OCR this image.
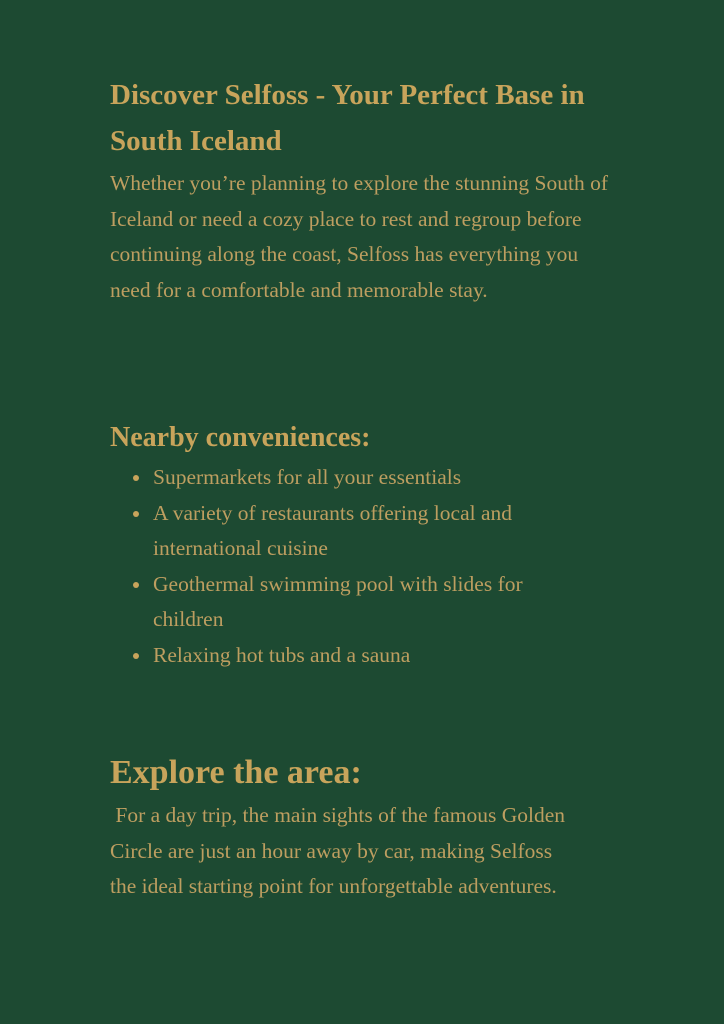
Discover Selfoss - Your Perfect Base in South Iceland

Whether you’re planning to explore the stunning South of Iceland or need a cozy place to rest and regroup before continuing along the coast, Selfoss has everything you need for a comfortable and memorable stay.

Nearby conveniences:
Supermarkets for all your essentials
A variety of restaurants offering local and international cuisine
Geothermal swimming pool with slides for children
Relaxing hot tubs and a sauna
Explore the area:

For a day trip, the main sights of the famous Golden Circle are just an hour away by car, making Selfoss the ideal starting point for unforgettable adventures.
